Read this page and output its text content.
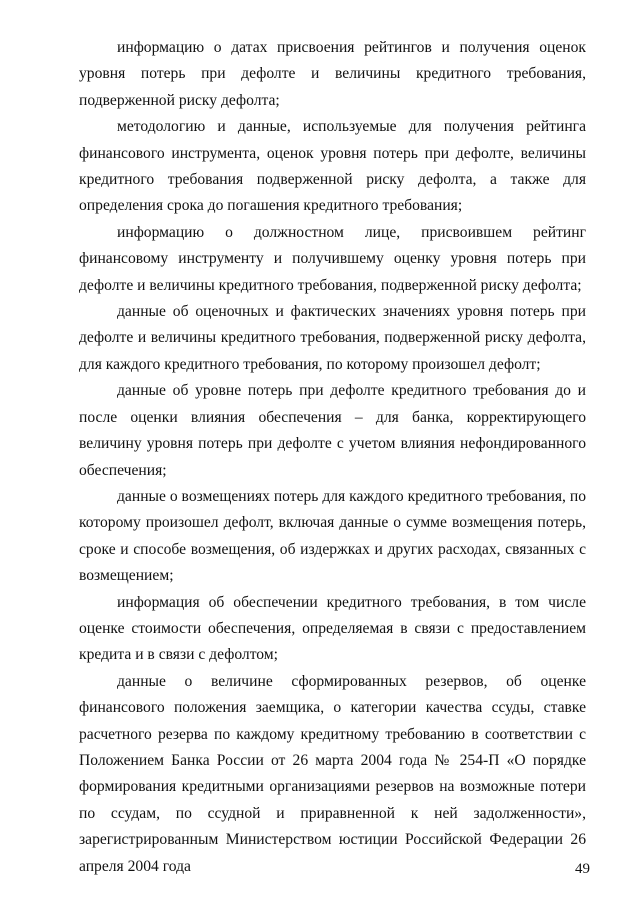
информацию о датах присвоения рейтингов и получения оценок уровня потерь при дефолте и величины кредитного требования, подверженной риску дефолта;

методологию и данные, используемые для получения рейтинга финансового инструмента, оценок уровня потерь при дефолте, величины кредитного требования подверженной риску дефолта, а также для определения срока до погашения кредитного требования;

информацию о должностном лице, присвоившем рейтинг финансовому инструменту и получившему оценку уровня потерь при дефолте и величины кредитного требования, подверженной риску дефолта;

данные об оценочных и фактических значениях уровня потерь при дефолте и величины кредитного требования, подверженной риску дефолта, для каждого кредитного требования, по которому произошел дефолт;

данные об уровне потерь при дефолте кредитного требования до и после оценки влияния обеспечения – для банка, корректирующего величину уровня потерь при дефолте с учетом влияния нефондированного обеспечения;

данные о возмещениях потерь для каждого кредитного требования, по которому произошел дефолт, включая данные о сумме возмещения потерь, сроке и способе возмещения, об издержках и других расходах, связанных с возмещением;

информация об обеспечении кредитного требования, в том числе оценке стоимости обеспечения, определяемая в связи с предоставлением кредита и в связи с дефолтом;

данные о величине сформированных резервов, об оценке финансового положения заемщика, о категории качества ссуды, ставке расчетного резерва по каждому кредитному требованию в соответствии с Положением Банка России от 26 марта 2004 года № 254-П «О порядке формирования кредитными организациями резервов на возможные потери по ссудам, по ссудной и приравненной к ней задолженности», зарегистрированным Министерством юстиции Российской Федерации 26 апреля 2004 года	49
